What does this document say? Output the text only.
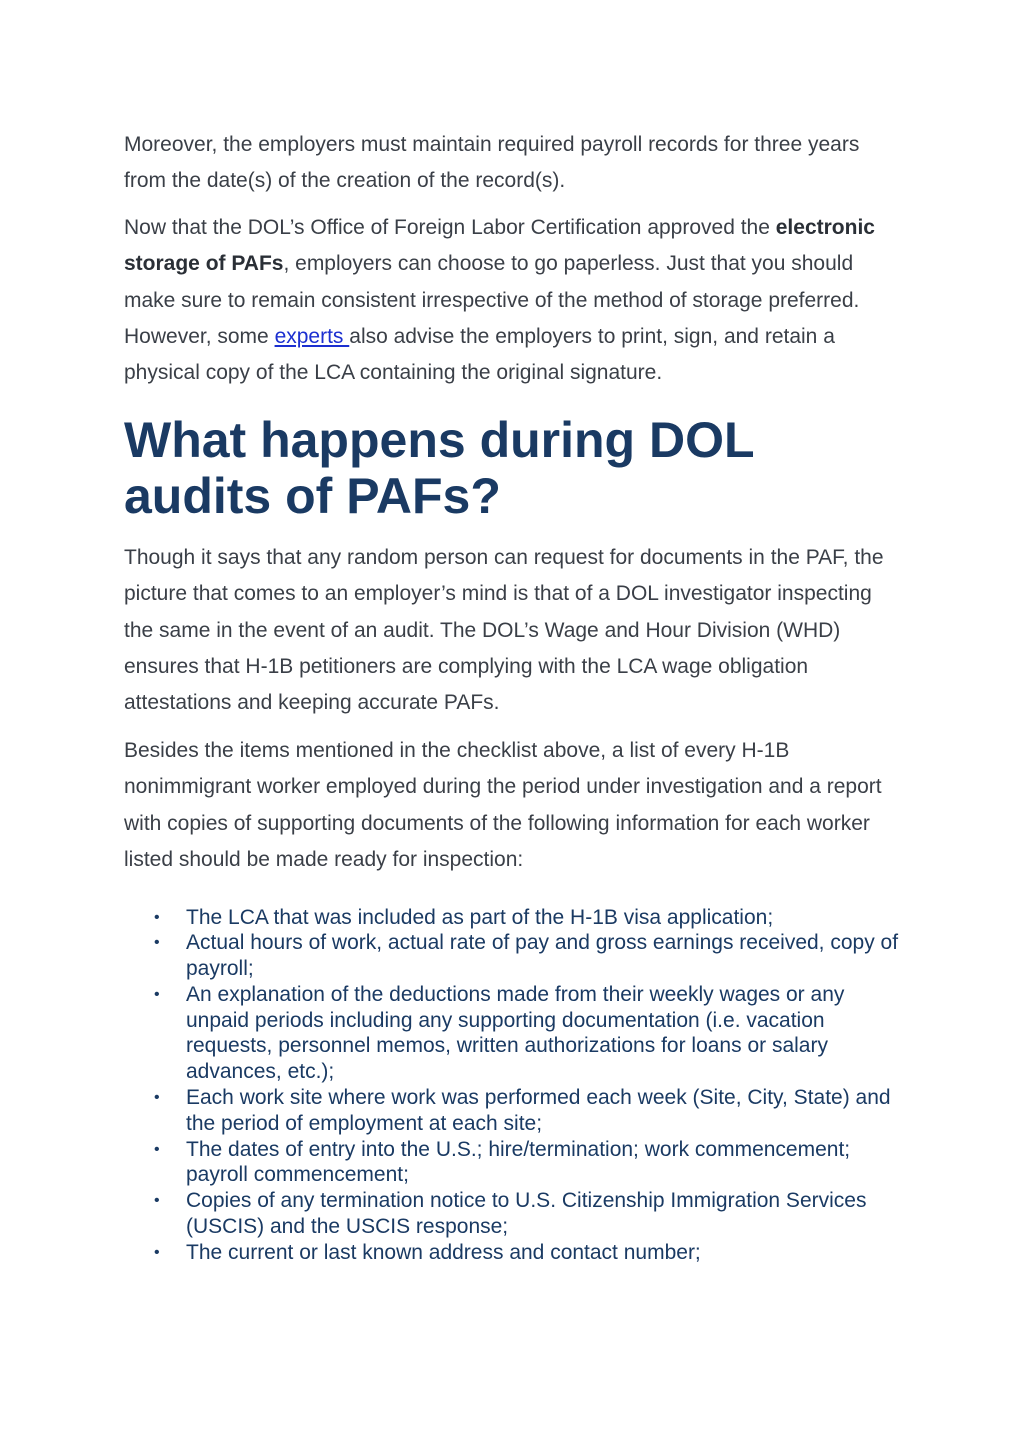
Moreover, the employers must maintain required payroll records for three years from the date(s) of the creation of the record(s).

Now that the DOL’s Office of Foreign Labor Certification approved the electronic storage of PAFs, employers can choose to go paperless. Just that you should make sure to remain consistent irrespective of the method of storage preferred. However, some experts also advise the employers to print, sign, and retain a physical copy of the LCA containing the original signature.

What happens during DOL audits of PAFs?

Though it says that any random person can request for documents in the PAF, the picture that comes to an employer’s mind is that of a DOL investigator inspecting the same in the event of an audit. The DOL’s Wage and Hour Division (WHD) ensures that H-1B petitioners are complying with the LCA wage obligation attestations and keeping accurate PAFs.

Besides the items mentioned in the checklist above, a list of every H-1B nonimmigrant worker employed during the period under investigation and a report with copies of supporting documents of the following information for each worker listed should be made ready for inspection:

• The LCA that was included as part of the H-1B visa application;
• Actual hours of work, actual rate of pay and gross earnings received, copy of payroll;
• An explanation of the deductions made from their weekly wages or any unpaid periods including any supporting documentation (i.e. vacation requests, personnel memos, written authorizations for loans or salary advances, etc.);
• Each work site where work was performed each week (Site, City, State) and the period of employment at each site;
• The dates of entry into the U.S.; hire/termination; work commencement; payroll commencement;
• Copies of any termination notice to U.S. Citizenship Immigration Services (USCIS) and the USCIS response;
• The current or last known address and contact number;
